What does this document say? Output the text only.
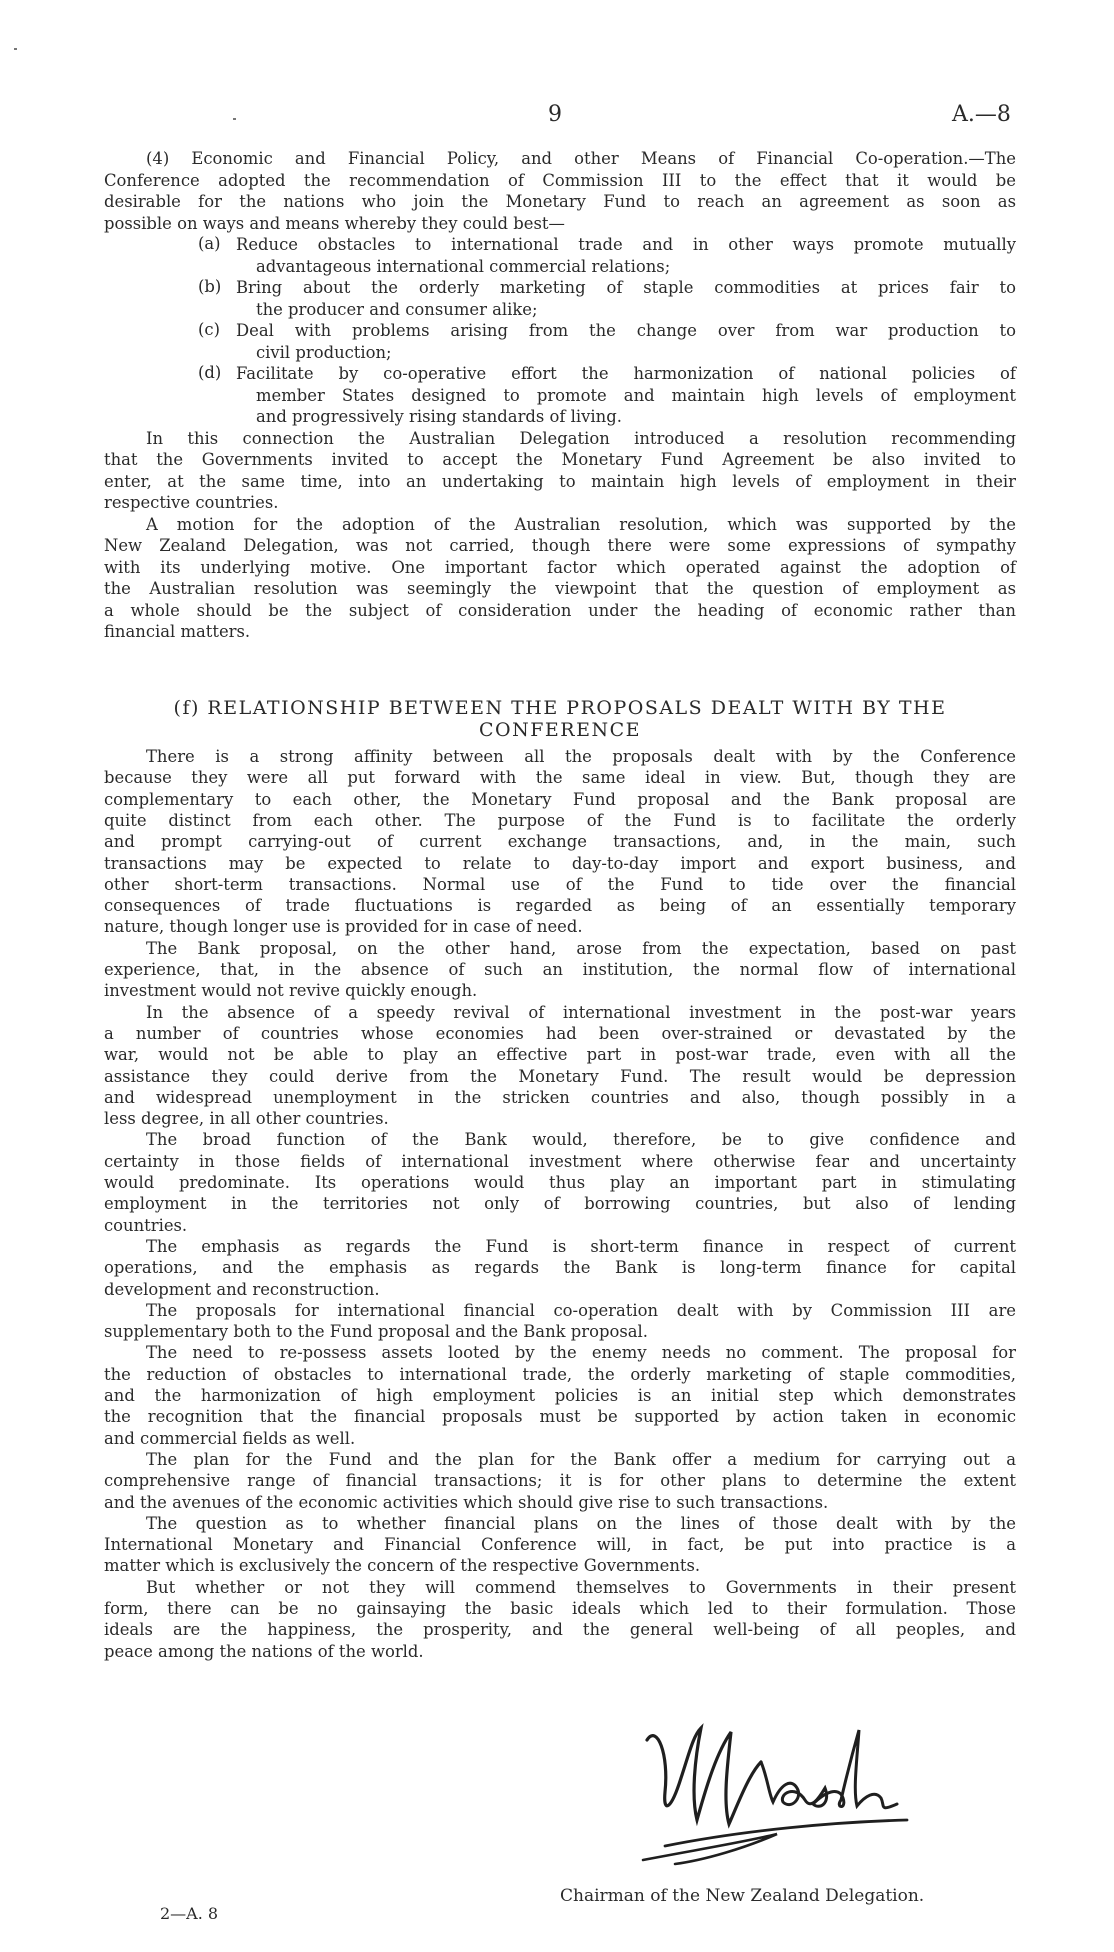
9	A.—8
(4) Economic and Financial Policy, and other Means of Financial Co-operation.—The
Conference adopted the recommendation of Commission III to the effect that it would be
desirable for the nations who join the Monetary Fund to reach an agreement as soon as
possible on ways and means whereby they could best—
(a) Reduce obstacles to international trade and in other ways promote mutually
advantageous international commercial relations;
(b) Bring about the orderly marketing of staple commodities at prices fair to
the producer and consumer alike;
(c) Deal with problems arising from the change over from war production to
civil production;
(d) Facilitate by co-operative effort the harmonization of national policies of
member States designed to promote and maintain high levels of employment
and progressively rising standards of living.
In this connection the Australian Delegation introduced a resolution recommending
that the Governments invited to accept the Monetary Fund Agreement be also invited to
enter, at the same time, into an undertaking to maintain high levels of employment in their
respective countries.
A motion for the adoption of the Australian resolution, which was supported by the
New Zealand Delegation, was not carried, though there were some expressions of sympathy
with its underlying motive. One important factor which operated against the adoption of
the Australian resolution was seemingly the viewpoint that the question of employment as
a whole should be the subject of consideration under the heading of economic rather than
financial matters.
(f) RELATIONSHIP BETWEEN THE PROPOSALS DEALT WITH BY THE
CONFERENCE
There is a strong affinity between all the proposals dealt with by the Conference
because they were all put forward with the same ideal in view. But, though they are
complementary to each other, the Monetary Fund proposal and the Bank proposal are
quite distinct from each other. The purpose of the Fund is to facilitate the orderly
and prompt carrying-out of current exchange transactions, and, in the main, such
transactions may be expected to relate to day-to-day import and export business, and
other short-term transactions. Normal use of the Fund to tide over the financial
consequences of trade fluctuations is regarded as being of an essentially temporary
nature, though longer use is provided for in case of need.
The Bank proposal, on the other hand, arose from the expectation, based on past
experience, that, in the absence of such an institution, the normal flow of international
investment would not revive quickly enough.
In the absence of a speedy revival of international investment in the post-war years
a number of countries whose economies had been over-strained or devastated by the
war, would not be able to play an effective part in post-war trade, even with all the
assistance they could derive from the Monetary Fund. The result would be depression
and widespread unemployment in the stricken countries and also, though possibly in a
less degree, in all other countries.
The broad function of the Bank would, therefore, be to give confidence and
certainty in those fields of international investment where otherwise fear and uncertainty
would predominate. Its operations would thus play an important part in stimulating
employment in the territories not only of borrowing countries, but also of lending
countries.
The emphasis as regards the Fund is short-term finance in respect of current
operations, and the emphasis as regards the Bank is long-term finance for capital
development and reconstruction.
The proposals for international financial co-operation dealt with by Commission III are
supplementary both to the Fund proposal and the Bank proposal.
The need to re-possess assets looted by the enemy needs no comment. The proposal for
the reduction of obstacles to international trade, the orderly marketing of staple commodities,
and the harmonization of high employment policies is an initial step which demonstrates
the recognition that the financial proposals must be supported by action taken in economic
and commercial fields as well.
The plan for the Fund and the plan for the Bank offer a medium for carrying out a
comprehensive range of financial transactions; it is for other plans to determine the extent
and the avenues of the economic activities which should give rise to such transactions.
The question as to whether financial plans on the lines of those dealt with by the
International Monetary and Financial Conference will, in fact, be put into practice is a
matter which is exclusively the concern of the respective Governments.
But whether or not they will commend themselves to Governments in their present
form, there can be no gainsaying the basic ideals which led to their formulation. Those
ideals are the happiness, the prosperity, and the general well-being of all peoples, and
peace among the nations of the world.
Chairman of the New Zealand Delegation.
2—A. 8
